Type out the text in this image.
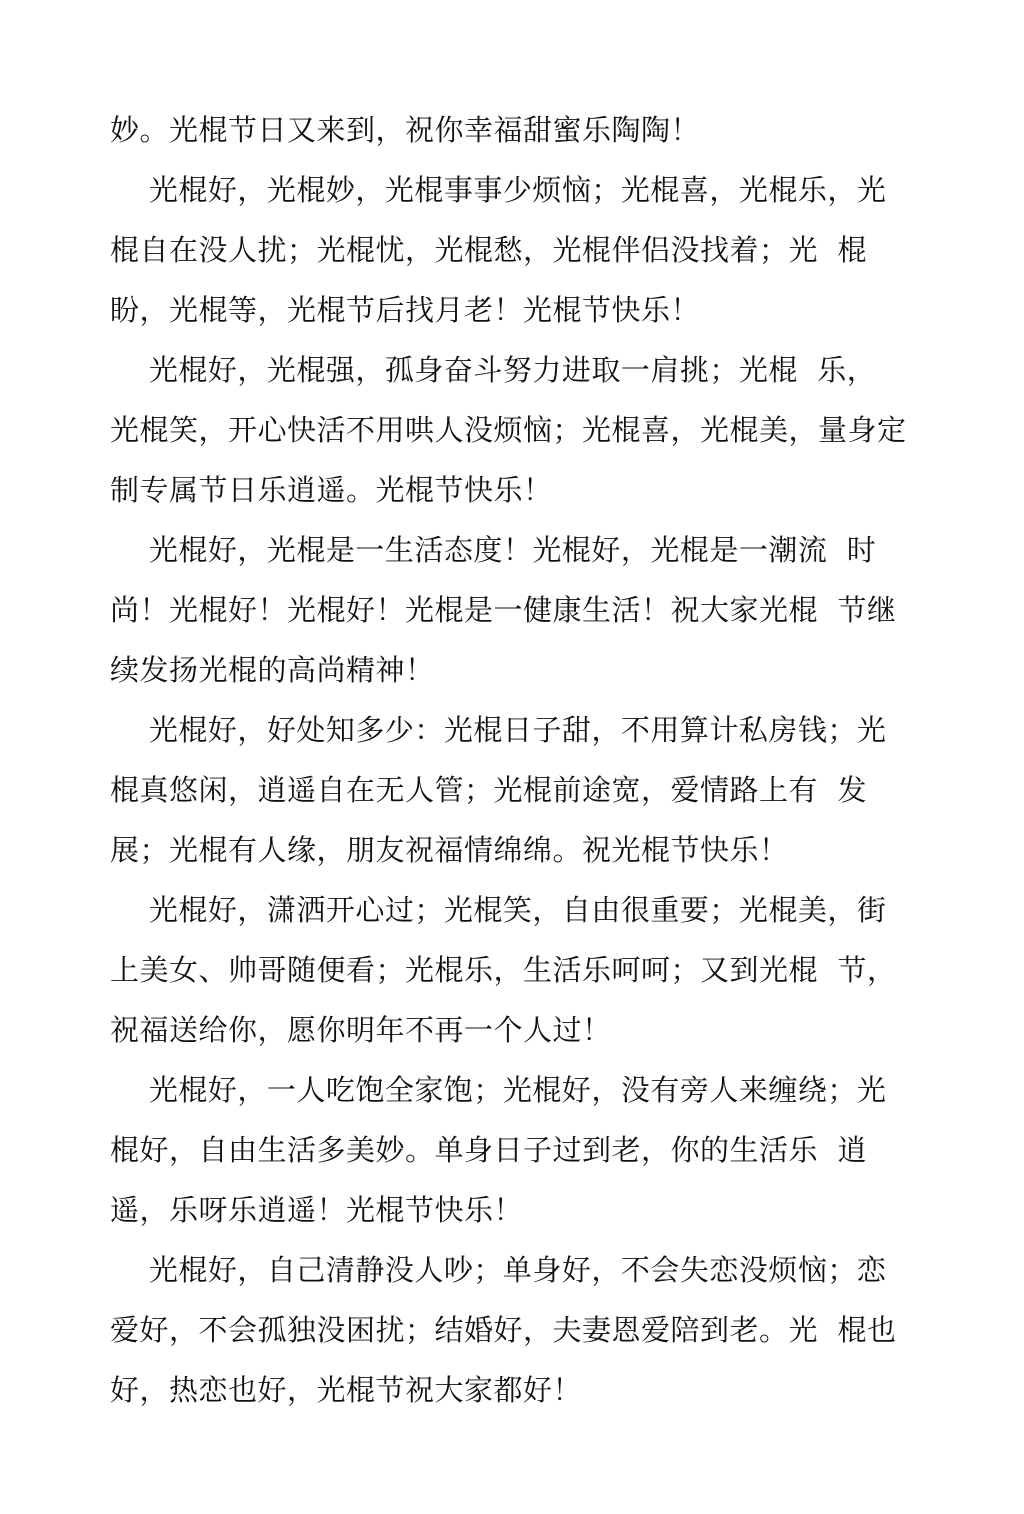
妙。光棍节日又来到，祝你幸福甜蜜乐陶陶！
光棍好，光棍妙，光棍事事少烦恼；光棍喜，光棍乐，光
棍自在没人扰；光棍忧，光棍愁，光棍伴侣没找着；光  棍
盼，光棍等，光棍节后找月老！光棍节快乐！
光棍好，光棍强，孤身奋斗努力进取一肩挑；光棍  乐，
光棍笑，开心快活不用哄人没烦恼；光棍喜，光棍美，量身定
制专属节日乐逍遥。光棍节快乐！
光棍好，光棍是一生活态度！光棍好，光棍是一潮流  时
尚！光棍好！光棍好！光棍是一健康生活！祝大家光棍  节继
续发扬光棍的高尚精神！
光棍好，好处知多少：光棍日子甜，不用算计私房钱；光
棍真悠闲，逍遥自在无人管；光棍前途宽，爱情路上有  发
展；光棍有人缘，朋友祝福情绵绵。祝光棍节快乐！
光棍好，潇洒开心过；光棍笑，自由很重要；光棍美，街
上美女、帅哥随便看；光棍乐，生活乐呵呵；又到光棍  节，
祝福送给你，愿你明年不再一个人过！
光棍好，一人吃饱全家饱；光棍好，没有旁人来缠绕；光
棍好，自由生活多美妙。单身日子过到老，你的生活乐  逍
遥，乐呀乐逍遥！光棍节快乐！
光棍好，自己清静没人吵；单身好，不会失恋没烦恼；恋
爱好，不会孤独没困扰；结婚好，夫妻恩爱陪到老。光  棍也
好，热恋也好，光棍节祝大家都好！
